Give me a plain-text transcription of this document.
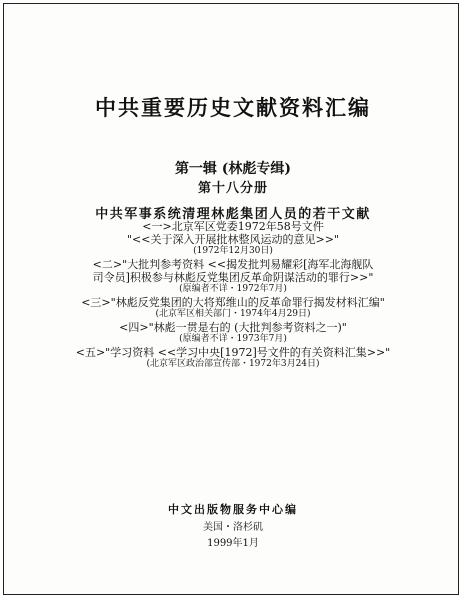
中共重要历史文献资料汇编
第一辑 (林彪专缉)
第十八分册
中共军事系统清理林彪集团人员的若干文献
<一>北京军区党委1972年58号文件
"<<关于深入开展批林整风运动的意见>>"
(1972年12月30日)
<二>"大批判参考资料 <<揭发批判易耀彩[海军北海舰队
司令员]积极参与林彪反党集团反革命阴谋活动的罪行>>"
(原编者不详・1972年7月)
<三>"林彪反党集团的大将郑维山的反革命罪行揭发材料汇编"
(北京军区相关部门・1974年4月29日)
<四>"林彪一贯是右的 (大批判参考资料之一)"
(原编者不详・1973年7月)
<五>"学习资料 <<学习中央[1972]号文件的有关资料汇集>>"
(北京军区政治部宣传部・1972年3月24日)
中文出版物服务中心编
美国・洛杉矶
1999年1月
